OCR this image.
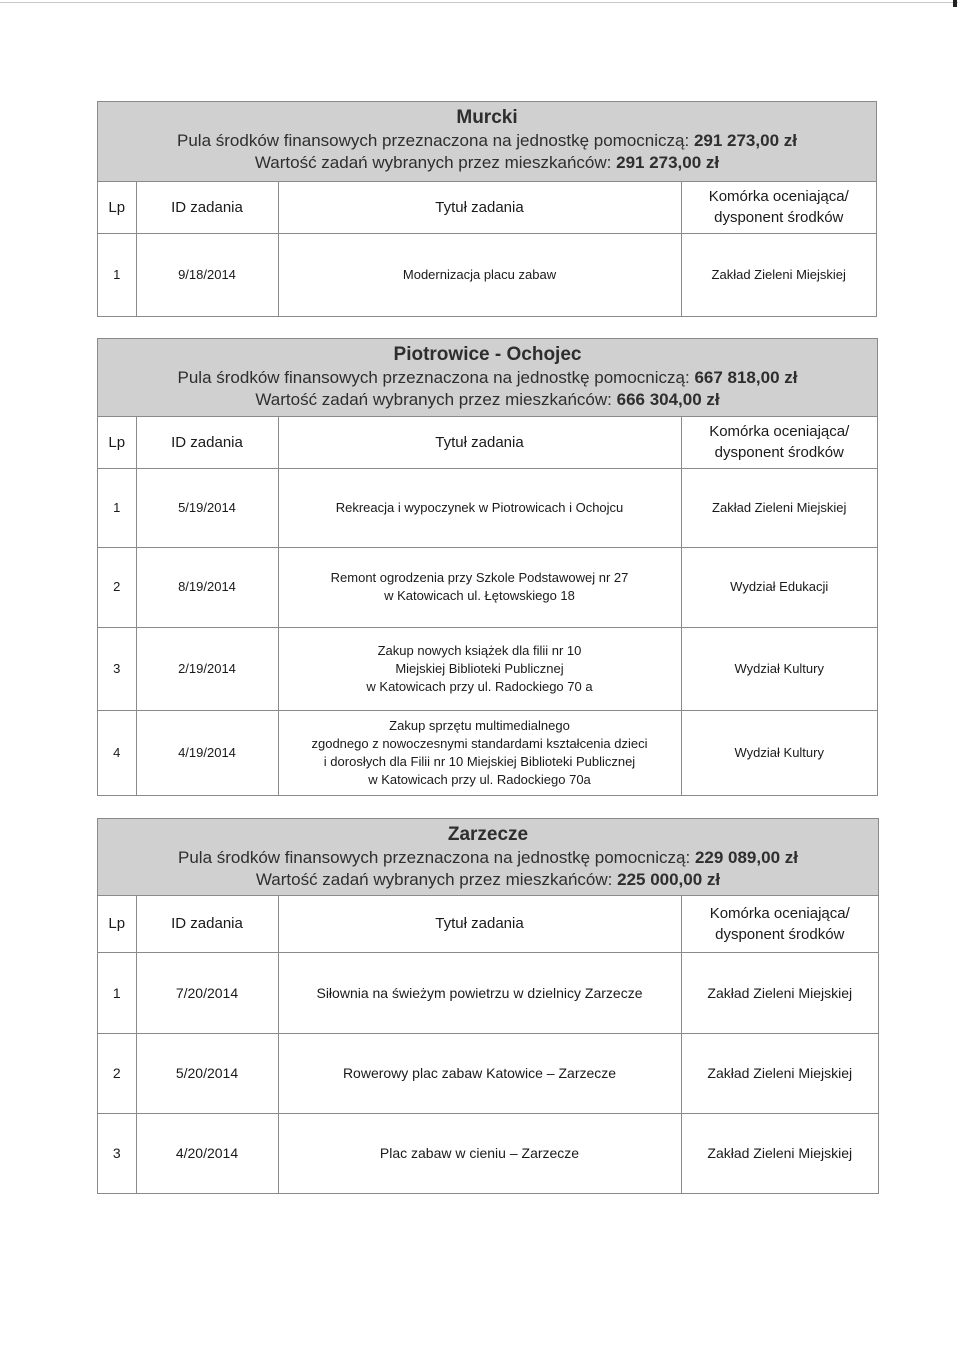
Murcki
Pula środków finansowych przeznaczona na jednostkę pomocniczą: 291 273,00 zł
Wartość zadań wybranych przez mieszkańców: 291 273,00 zł
Lp	ID zadania	Tytuł zadania	Komórka oceniająca/
dysponent środków
1	9/18/2014	Modernizacja placu zabaw	Zakład Zieleni Miejskiej
Piotrowice - Ochojec
Pula środków finansowych przeznaczona na jednostkę pomocniczą: 667 818,00 zł
Wartość zadań wybranych przez mieszkańców: 666 304,00 zł
Lp	ID zadania	Tytuł zadania	Komórka oceniająca/
dysponent środków
1	5/19/2014	Rekreacja i wypoczynek w Piotrowicach i Ochojcu	Zakład Zieleni Miejskiej
2	8/19/2014	Remont ogrodzenia przy Szkole Podstawowej nr 27
w Katowicach ul. Łętowskiego 18	Wydział Edukacji
3	2/19/2014	Zakup nowych książek dla filii nr 10
Miejskiej Biblioteki Publicznej
w Katowicach przy ul. Radockiego 70 a	Wydział Kultury
4	4/19/2014	Zakup sprzętu multimedialnego
zgodnego z nowoczesnymi standardami kształcenia dzieci
i dorosłych dla Filii nr 10 Miejskiej Biblioteki Publicznej
w Katowicach przy ul. Radockiego 70a	Wydział Kultury
Zarzecze
Pula środków finansowych przeznaczona na jednostkę pomocniczą: 229 089,00 zł
Wartość zadań wybranych przez mieszkańców: 225 000,00 zł
Lp	ID zadania	Tytuł zadania	Komórka oceniająca/
dysponent środków
1	7/20/2014	Siłownia na świeżym powietrzu w dzielnicy Zarzecze	Zakład Zieleni Miejskiej
2	5/20/2014	Rowerowy plac zabaw Katowice – Zarzecze	Zakład Zieleni Miejskiej
3	4/20/2014	Plac zabaw w cieniu – Zarzecze	Zakład Zieleni Miejskiej
